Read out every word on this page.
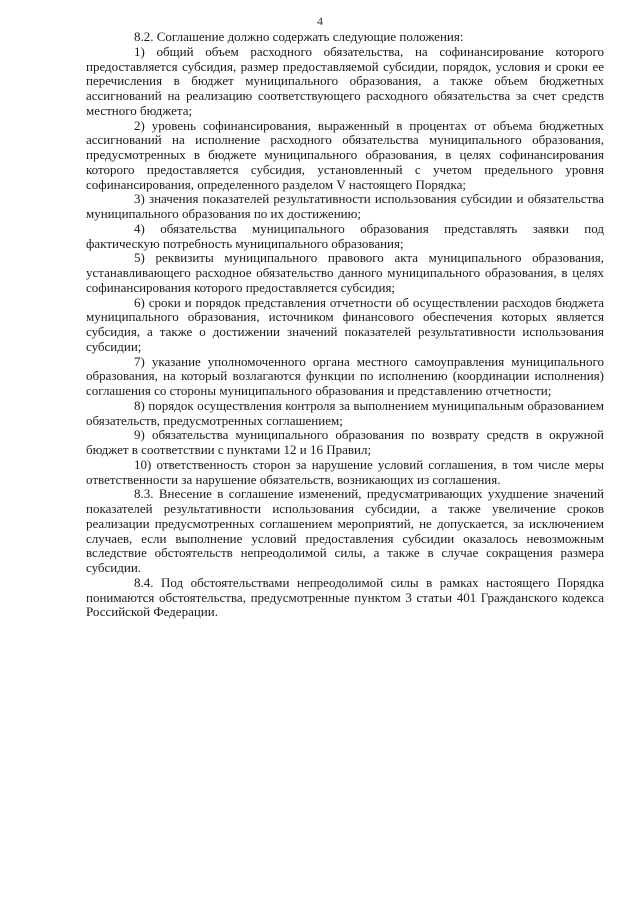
4

8.2. Соглашение должно содержать следующие положения:

1) общий объем расходного обязательства, на софинансирование которого предоставляется субсидия, размер предоставляемой субсидии, порядок, условия и сроки ее перечисления в бюджет муниципального образования, а также объем бюджетных ассигнований на реализацию соответствующего расходного обязательства за счет средств местного бюджета;

2) уровень софинансирования, выраженный в процентах от объема бюджетных ассигнований на исполнение расходного обязательства муниципального образования, предусмотренных в бюджете муниципального образования, в целях софинансирования которого предоставляется субсидия, установленный с учетом предельного уровня софинансирования, определенного разделом V настоящего Порядка;

3) значения показателей результативности использования субсидии и обязательства муниципального образования по их достижению;

4) обязательства муниципального образования представлять заявки под фактическую потребность муниципального образования;

5) реквизиты муниципального правового акта муниципального образования, устанавливающего расходное обязательство данного муниципального образования, в целях софинансирования которого предоставляется субсидия;

6) сроки и порядок представления отчетности об осуществлении расходов бюджета муниципального образования, источником финансового обеспечения которых является субсидия, а также о достижении значений показателей результативности использования субсидии;

7) указание уполномоченного органа местного самоуправления муниципального образования, на который возлагаются функции по исполнению (координации исполнения) соглашения со стороны муниципального образования и представлению отчетности;

8) порядок осуществления контроля за выполнением муниципальным образованием обязательств, предусмотренных соглашением;

9) обязательства муниципального образования по возврату средств в окружной бюджет в соответствии с пунктами 12 и 16 Правил;

10) ответственность сторон за нарушение условий соглашения, в том числе меры ответственности за нарушение обязательств, возникающих из соглашения.

8.3. Внесение в соглашение изменений, предусматривающих ухудшение значений показателей результативности использования субсидии, а также увеличение сроков реализации предусмотренных соглашением мероприятий, не допускается, за исключением случаев, если выполнение условий предоставления субсидии оказалось невозможным вследствие обстоятельств непреодолимой силы, а также в случае сокращения размера субсидии.

8.4. Под обстоятельствами непреодолимой силы в рамках настоящего Порядка понимаются обстоятельства, предусмотренные пунктом 3 статьи 401 Гражданского кодекса Российской Федерации.
